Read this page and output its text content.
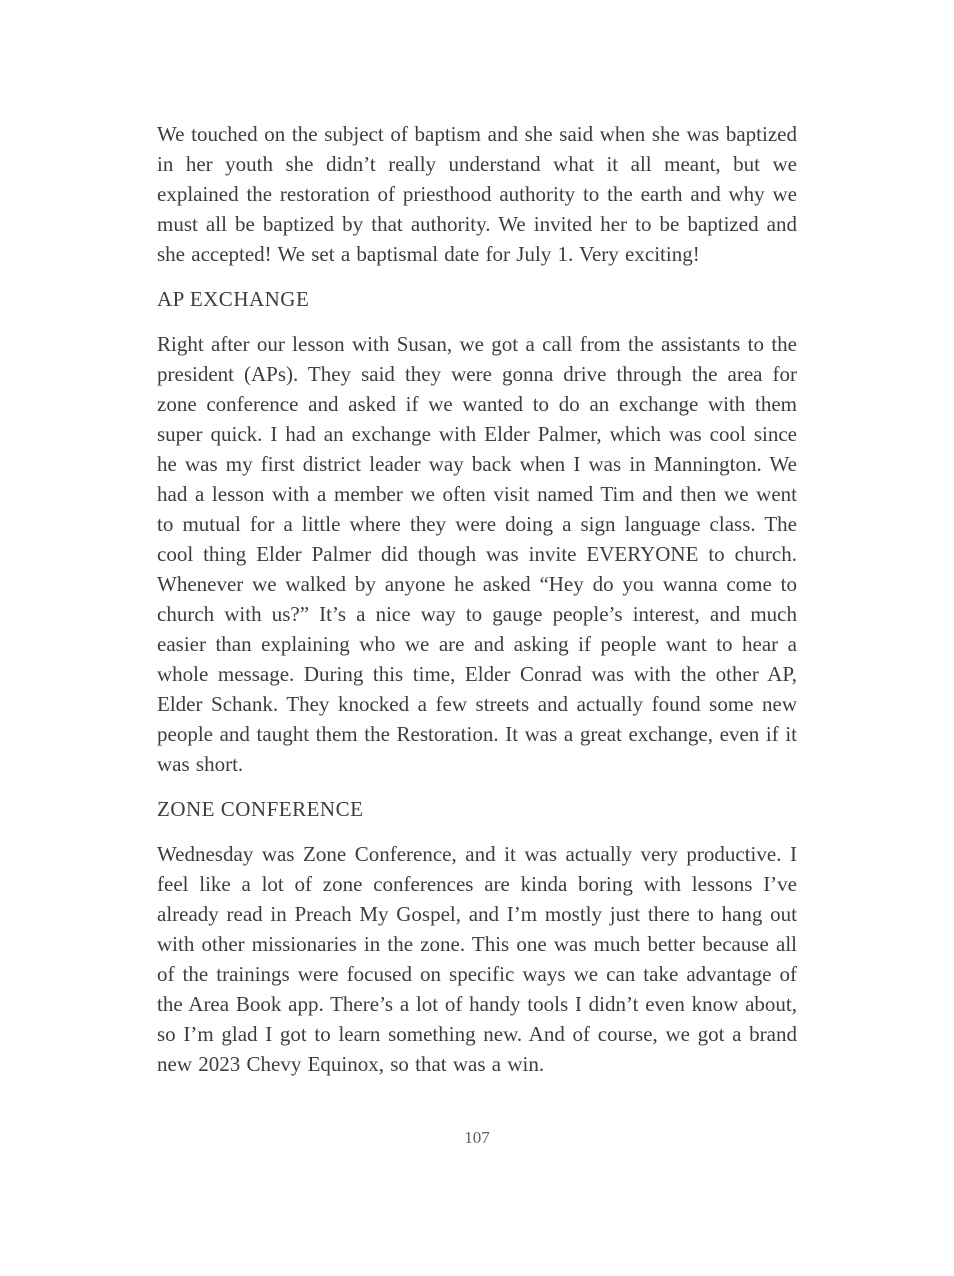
We touched on the subject of baptism and she said when she was baptized in her youth she didn’t really understand what it all meant, but we explained the restoration of priesthood authority to the earth and why we must all be baptized by that authority. We invited her to be baptized and she accepted! We set a baptismal date for July 1. Very exciting!

AP EXCHANGE

Right after our lesson with Susan, we got a call from the assistants to the president (APs). They said they were gonna drive through the area for zone conference and asked if we wanted to do an exchange with them super quick. I had an exchange with Elder Palmer, which was cool since he was my first district leader way back when I was in Mannington. We had a lesson with a member we often visit named Tim and then we went to mutual for a little where they were doing a sign language class. The cool thing Elder Palmer did though was invite EVERYONE to church. Whenever we walked by anyone he asked “Hey do you wanna come to church with us?” It’s a nice way to gauge people’s interest, and much easier than explaining who we are and asking if people want to hear a whole message. During this time, Elder Conrad was with the other AP, Elder Schank. They knocked a few streets and actually found some new people and taught them the Restoration. It was a great exchange, even if it was short.

ZONE CONFERENCE

Wednesday was Zone Conference, and it was actually very productive. I feel like a lot of zone conferences are kinda boring with lessons I’ve already read in Preach My Gospel, and I’m mostly just there to hang out with other missionaries in the zone. This one was much better because all of the trainings were focused on specific ways we can take advantage of the Area Book app. There’s a lot of handy tools I didn’t even know about, so I’m glad I got to learn something new. And of course, we got a brand new 2023 Chevy Equinox, so that was a win.

107
